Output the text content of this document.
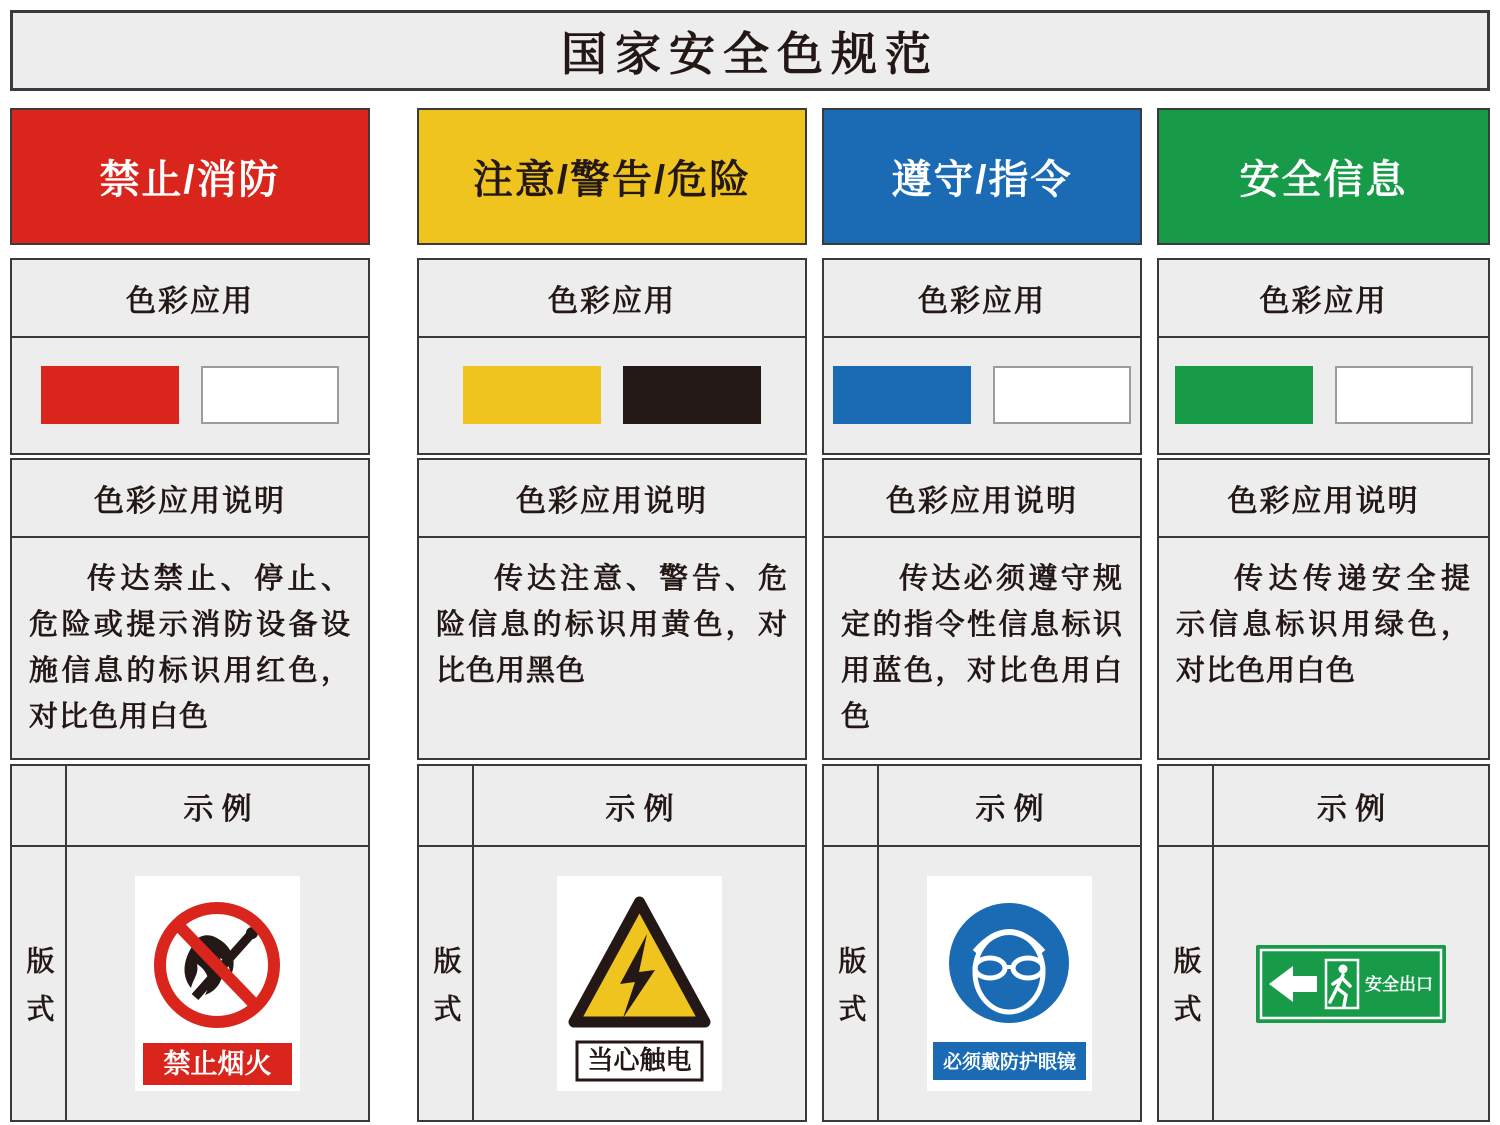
国家安全色规范
禁止/消防
色彩应用
色彩应用说明
传达禁止、停止、危险或提示消防设备设施信息的标识用红色，对比色用白色
示 例
版式
禁止烟火
注意/警告/危险
色彩应用
色彩应用说明
传达注意、警告、危险信息的标识用黄色，对比色用黑色
示 例
版式
当心触电
遵守/指令
色彩应用
色彩应用说明
传达必须遵守规定的指令性信息标识用蓝色，对比色用白色
示 例
版式
必须戴防护眼镜
安全信息
色彩应用
色彩应用说明
传达传递安全提示信息标识用绿色，对比色用白色
示 例
版式	安全出口
